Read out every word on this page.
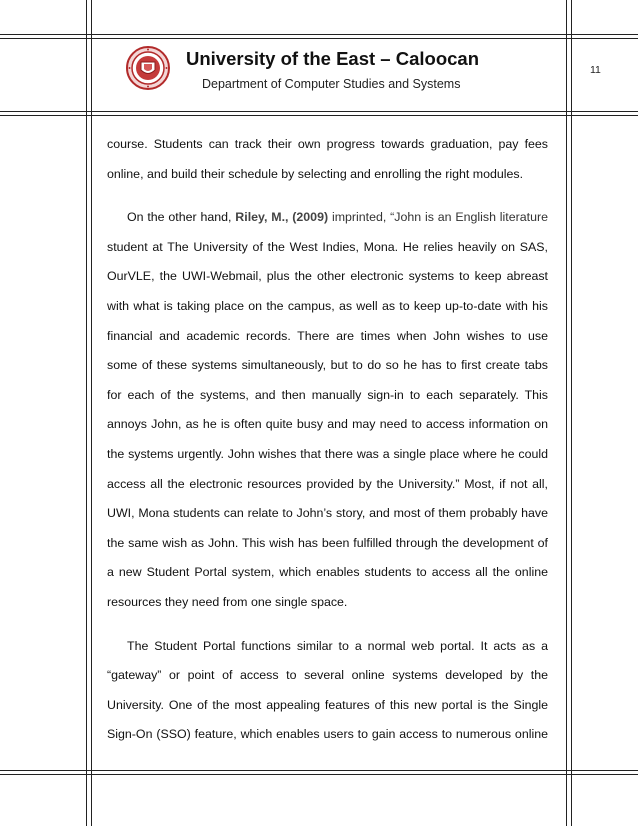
University of the East – Caloocan
Department of Computer Studies and Systems
11

course. Students can track their own progress towards graduation, pay fees

online, and build their schedule by selecting and enrolling the right modules.

On the other hand, Riley, M., (2009) imprinted, “John is an English literature

student at The University of the West Indies, Mona. He relies heavily on SAS,

OurVLE, the UWI-Webmail, plus the other electronic systems to keep abreast

with what is taking place on the campus, as well as to keep up-to-date with his

financial and academic records. There are times when John wishes to use

some of these systems simultaneously, but to do so he has to first create tabs

for each of the systems, and then manually sign-in to each separately. This

annoys John, as he is often quite busy and may need to access information on

the systems urgently. John wishes that there was a single place where he could

access all the electronic resources provided by the University.” Most, if not all,

UWI, Mona students can relate to John’s story, and most of them probably have

the same wish as John. This wish has been fulfilled through the development of

a new Student Portal system, which enables students to access all the online

resources they need from one single space.

The Student Portal functions similar to a normal web portal. It acts as a

“gateway” or point of access to several online systems developed by the

University. One of the most appealing features of this new portal is the Single

Sign-On (SSO) feature, which enables users to gain access to numerous online
